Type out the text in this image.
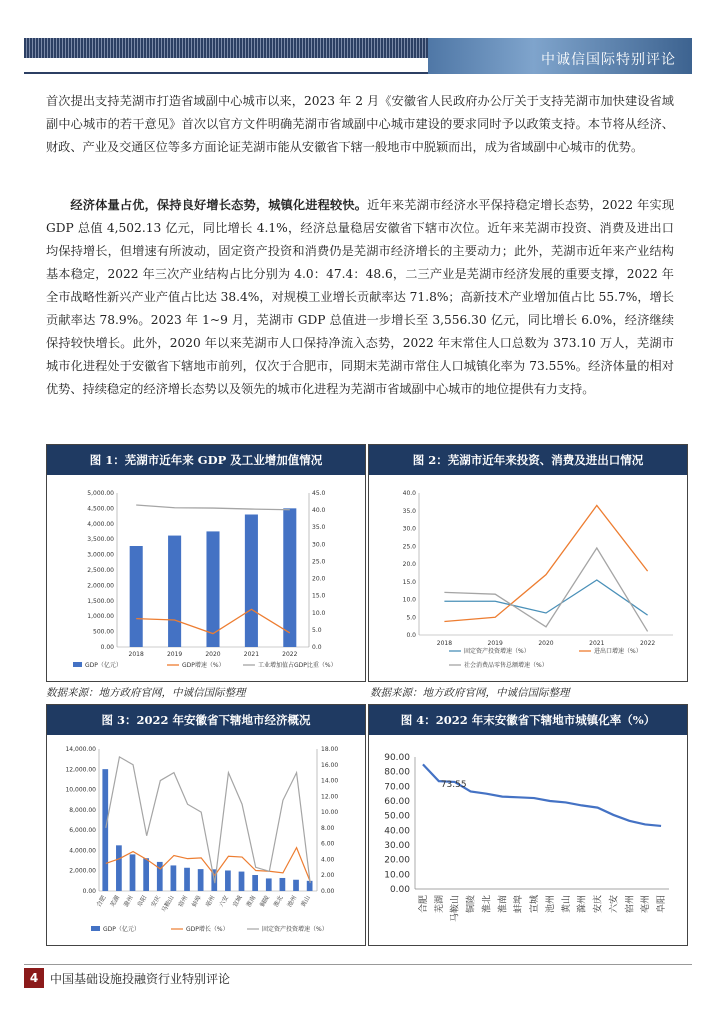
中诚信国际特别评论

首次提出支持芜湖市打造省域副中心城市以来，2023 年 2 月《安徽省人民政府办公厅关于支持芜湖市加快建设省域副中心城市的若干意见》首次以官方文件明确芜湖市省域副中心城市建设的要求同时予以政策支持。本节将从经济、财政、产业及交通区位等多方面论证芜湖市能从安徽省下辖一般地市中脱颖而出，成为省域副中心城市的优势。

经济体量占优，保持良好增长态势，城镇化进程较快。近年来芜湖市经济水平保持稳定增长态势，2022 年实现 GDP 总值 4,502.13 亿元，同比增长 4.1%，经济总量稳居安徽省下辖市次位。近年来芜湖市投资、消费及进出口均保持增长，但增速有所波动，固定资产投资和消费仍是芜湖市经济增长的主要动力；此外，芜湖市近年来产业结构基本稳定，2022 年三次产业结构占比分别为 4.0：47.4：48.6，二三产业是芜湖市经济发展的重要支撑，2022 年全市战略性新兴产业产值占比达 38.4%，对规模工业增长贡献率达 71.8%；高新技术产业增加值占比 55.7%，增长贡献率达 78.9%。2023 年 1~9 月，芜湖市 GDP 总值进一步增长至 3,556.30 亿元，同比增长 6.0%，经济继续保持较快增长。此外，2020 年以来芜湖市人口保持净流入态势，2022 年末常住人口总数为 373.10 万人，芜湖市城市化进程处于安徽省下辖地市前列，仅次于合肥市，同期末芜湖市常住人口城镇化率为 73.55%。经济体量的相对优势、持续稳定的经济增长态势以及领先的城市化进程为芜湖市省域副中心城市的地位提供有力支持。

图 1：芜湖市近年来 GDP 及工业增加值情况
0.00
500.00
1,000.00
1,500.00
2,000.00
2,500.00
3,000.00
3,500.00
4,000.00
4,500.00
5,000.00
0.0
5.0
10.0
15.0
20.0
25.0
30.0
35.0
40.0
45.0
2018	2019	2020	2021	2022
GDP（亿元）	GDP增速（%）	工业增加值占GDP比重（%）
图 2：芜湖市近年来投资、消费及进出口情况
0.0
5.0
10.0
15.0
20.0
25.0
30.0
35.0
40.0
2018	2019	2020	2021	2022
固定资产投资增速（%）	进出口增速（%）
社会消费品零售总额增速（%）
数据来源：地方政府官网，中诚信国际整理	数据来源：地方政府官网，中诚信国际整理
图 3：2022 年安徽省下辖地市经济概况
0.00
2,000.00
4,000.00
6,000.00
8,000.00
10,000.00
12,000.00
14,000.00
0.00
2.00
4.00
6.00
8.00
10.00
12.00
14.00
16.00
18.00
合肥 芜湖 滁州 阜阳 安庆
马鞍山 宿州 蚌埠 亳州 六安 宣城 淮南 铜陵 淮北 池州 黄山
GDP（亿元）	GDP增长（%）	固定资产投资增速（%）
图 4：2022 年末安徽省下辖地市城镇化率（%）
0.00
10.00
20.00
30.00
40.00
50.00
60.00
70.00
80.00
90.00
合肥 芜湖 马鞍山 铜陵 淮北 淮南 蚌埠 宣城 池州 黄山 滁州 安庆 六安 宿州 亳州 阜阳
73.55
4 中国基础设施投融资行业特别评论
